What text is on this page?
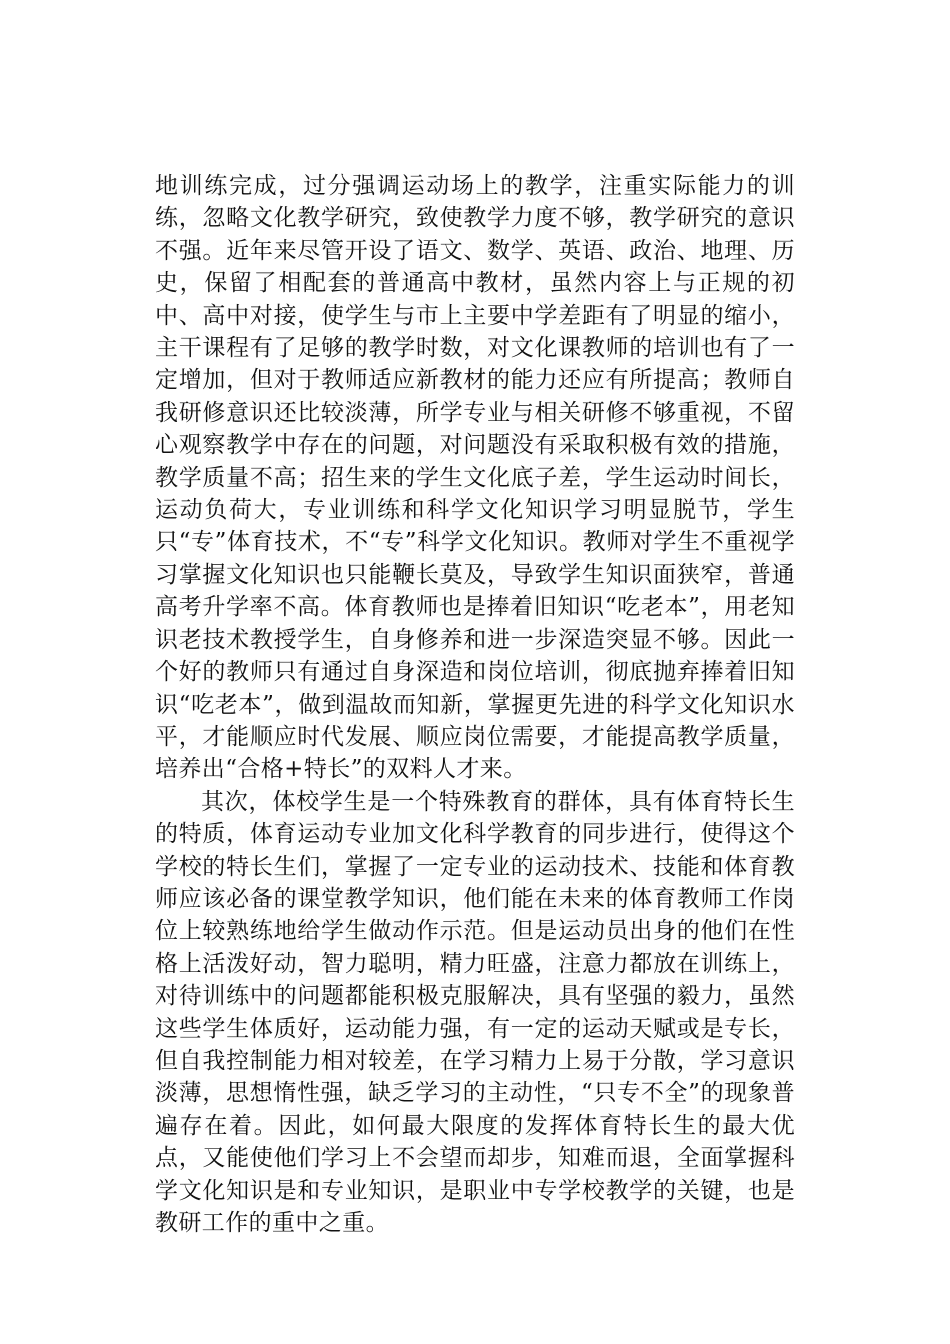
地训练完成，过分强调运动场上的教学，注重实际能力的训练，忽略文化教学研究，致使教学力度不够，教学研究的意识不强。近年来尽管开设了语文、数学、英语、政治、地理、历史，保留了相配套的普通高中教材，虽然内容上与正规的初中、高中对接，使学生与市上主要中学差距有了明显的缩小，主干课程有了足够的教学时数，对文化课教师的培训也有了一定增加，但对于教师适应新教材的能力还应有所提高；教师自我研修意识还比较淡薄，所学专业与相关研修不够重视，不留心观察教学中存在的问题，对问题没有采取积极有效的措施，教学质量不高；招生来的学生文化底子差，学生运动时间长，运动负荷大，专业训练和科学文化知识学习明显脱节，学生只“专”体育技术，不“专”科学文化知识。教师对学生不重视学习掌握文化知识也只能鞭长莫及，导致学生知识面狭窄，普通高考升学率不高。体育教师也是捧着旧知识“吃老本”，用老知识老技术教授学生，自身修养和进一步深造突显不够。因此一个好的教师只有通过自身深造和岗位培训，彻底抛弃捧着旧知识“吃老本”，做到温故而知新，掌握更先进的科学文化知识水平，才能顺应时代发展、顺应岗位需要，才能提高教学质量，培养出“合格+特长”的双料人才来。

其次，体校学生是一个特殊教育的群体，具有体育特长生的特质，体育运动专业加文化科学教育的同步进行，使得这个学校的特长生们，掌握了一定专业的运动技术、技能和体育教师应该必备的课堂教学知识，他们能在未来的体育教师工作岗位上较熟练地给学生做动作示范。但是运动员出身的他们在性格上活泼好动，智力聪明，精力旺盛，注意力都放在训练上，对待训练中的问题都能积极克服解决，具有坚强的毅力，虽然这些学生体质好，运动能力强，有一定的运动天赋或是专长，但自我控制能力相对较差，在学习精力上易于分散，学习意识淡薄，思想惰性强，缺乏学习的主动性，“只专不全”的现象普遍存在着。因此，如何最大限度的发挥体育特长生的最大优点，又能使他们学习上不会望而却步，知难而退，全面掌握科学文化知识是和专业知识，是职业中专学校教学的关键，也是教研工作的重中之重。
